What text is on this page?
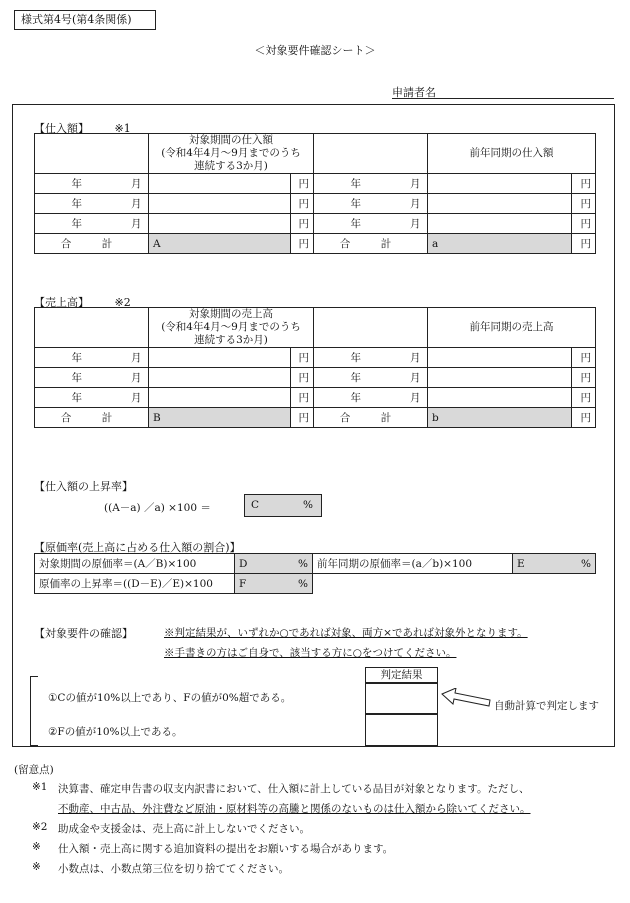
様式第4号(第4条関係)
＜対象要件確認シート＞
申請者名
【仕入額】 ※1

	対象期間の仕入額
(令和4年4月～9月までのうち
連続する3か月)			前年同期の仕入額	
年 月		円	年 月		円
年 月		円	年 月		円
年 月		円	年 月		円
合　計	A	円	合　計	a	円
【売上高】 ※2

	対象期間の売上高
(令和4年4月～9月までのうち
連続する3か月)			前年同期の売上高	
年 月		円	年 月		円
年 月		円	年 月		円
年 月		円	年 月		円
合　計	B	円	合　計	b	円
【仕入額の上昇率】
((A－a) ／a) ×100 ＝	C	%
【原価率(売上高に占める仕入額の割合)】
対象期間の原価率＝(A／B)×100	D %	前年同期の原価率＝(a／b)×100	E %

原価率の上昇率＝((D－E)／E)×100	F %		

【対象要件の確認】	※判定結果が、いずれか○であれば対象、両方×であれば対象外となります。
※手書きの方はご自身で、該当する方に○をつけてください。
判定結果
①Cの値が10%以上であり、Fの値が0%超である。
②Fの値が10%以上である。
自動計算で判定します

(留意点)

※1 決算書、確定申告書の収支内訳書において、仕入額に計上している品目が対象となります。ただし、

不動産、中古品、外注費など原油・原材料等の高騰と関係のないものは仕入額から除いてください。

※2 助成金や支援金は、売上高に計上しないでください。

※ 仕入額・売上高に関する追加資料の提出をお願いする場合があります。

※ 小数点は、小数点第三位を切り捨ててください。
